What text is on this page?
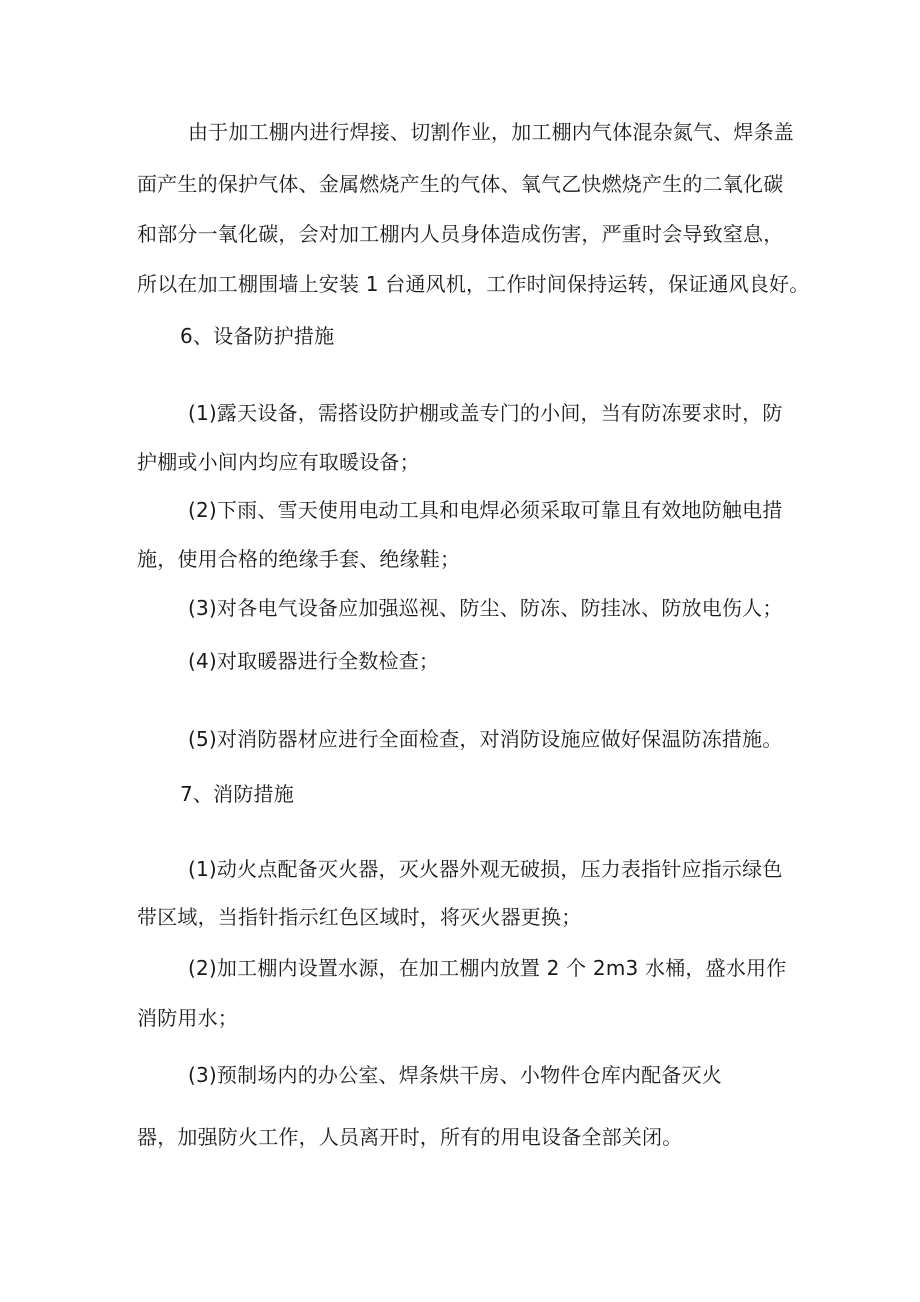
由于加工棚内进行焊接、切割作业，加工棚内气体混杂氮气、焊条盖
面产生的保护气体、金属燃烧产生的气体、氧气乙快燃烧产生的二氧化碳
和部分一氧化碳，会对加工棚内人员身体造成伤害，严重时会导致窒息，
所以在加工棚围墙上安装 1 台通风机，工作时间保持运转，保证通风良好。
6、设备防护措施
(1)露天设备，需搭设防护棚或盖专门的小间，当有防冻要求时，防
护棚或小间内均应有取暖设备；
(2)下雨、雪天使用电动工具和电焊必须采取可靠且有效地防触电措
施，使用合格的绝缘手套、绝缘鞋；
(3)对各电气设备应加强巡视、防尘、防冻、防挂冰、防放电伤人；
(4)对取暖器进行全数检查；
(5)对消防器材应进行全面检查，对消防设施应做好保温防冻措施。
7、消防措施
(1)动火点配备灭火器，灭火器外观无破损，压力表指针应指示绿色
带区域，当指针指示红色区域时，将灭火器更换；
(2)加工棚内设置水源，在加工棚内放置 2 个 2m3 水桶，盛水用作
消防用水；
(3)预制场内的办公室、焊条烘干房、小物件仓库内配备灭火
器，加强防火工作，人员离开时，所有的用电设备全部关闭。
